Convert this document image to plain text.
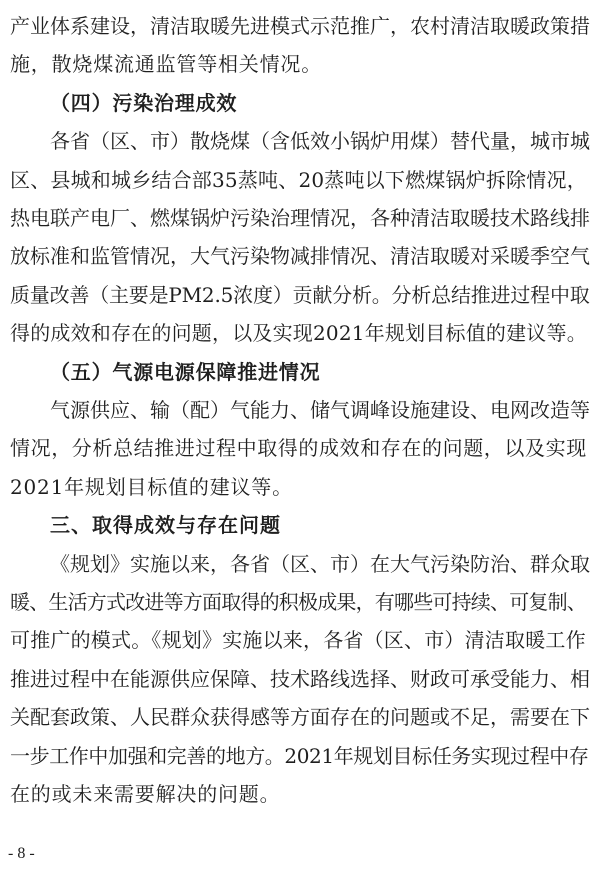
产业体系建设，清洁取暖先进模式示范推广，农村清洁取暖政策措
施，散烧煤流通监管等相关情况。
（四）污染治理成效
各省（区、市）散烧煤（含低效小锅炉用煤）替代量，城市城
区、县城和城乡结合部35蒸吨、20蒸吨以下燃煤锅炉拆除情况，
热电联产电厂、燃煤锅炉污染治理情况，各种清洁取暖技术路线排
放标准和监管情况，大气污染物减排情况、清洁取暖对采暖季空气
质量改善（主要是PM2.5浓度）贡献分析。分析总结推进过程中取
得的成效和存在的问题，以及实现2021年规划目标值的建议等。
（五）气源电源保障推进情况
气源供应、输（配）气能力、储气调峰设施建设、电网改造等
情况，分析总结推进过程中取得的成效和存在的问题，以及实现
2021年规划目标值的建议等。
三、取得成效与存在问题
《规划》实施以来，各省（区、市）在大气污染防治、群众取
暖、生活方式改进等方面取得的积极成果，有哪些可持续、可复制、
可推广的模式。《规划》实施以来，各省（区、市）清洁取暖工作
推进过程中在能源供应保障、技术路线选择、财政可承受能力、相
关配套政策、人民群众获得感等方面存在的问题或不足，需要在下
一步工作中加强和完善的地方。2021年规划目标任务实现过程中存
在的或未来需要解决的问题。
- 8 -
